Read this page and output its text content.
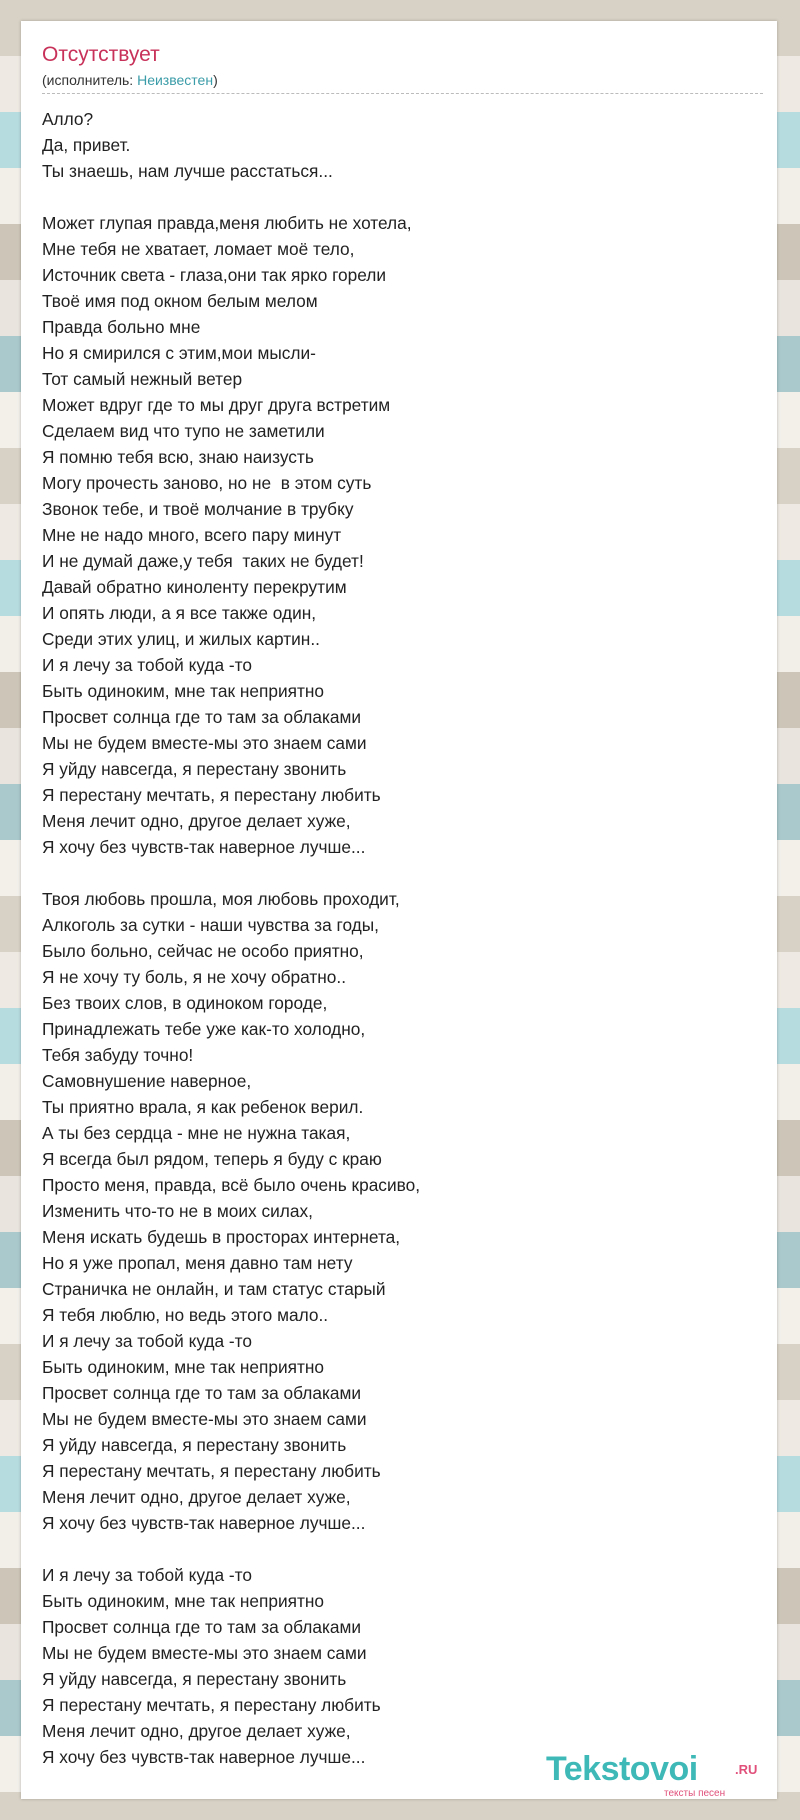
Отсутствует
(исполнитель: Неизвестен)
Алло?
Да, привет.
Ты знаешь, нам лучше расстаться...
Может глупая правда,меня любить не хотела,
Мне тебя не хватает, ломает моё тело,
Источник света - глаза,они так ярко горели
Твоё имя под окном белым мелом
Правда больно мне
Но я смирился с этим,мои мысли-
Тот самый нежный ветер
Может вдруг где то мы друг друга встретим
Сделаем вид что тупо не заметили
Я помню тебя всю, знаю наизусть
Могу прочесть заново, но не  в этом суть
Звонок тебе, и твоё молчание в трубку
Мне не надо много, всего пару минут
И не думай даже,у тебя  таких не будет!
Давай обратно киноленту перекрутим
И опять люди, а я все также один,
Среди этих улиц, и жилых картин..
И я лечу за тобой куда -то
Быть одиноким, мне так неприятно
Просвет солнца где то там за облаками
Мы не будем вместе-мы это знаем сами
Я уйду навсегда, я перестану звонить
Я перестану мечтать, я перестану любить
Меня лечит одно, другое делает хуже,
Я хочу без чувств-так наверное лучше...
Твоя любовь прошла, моя любовь проходит,
Алкоголь за сутки - наши чувства за годы,
Было больно, сейчас не особо приятно,
Я не хочу ту боль, я не хочу обратно..
Без твоих слов, в одиноком городе,
Принадлежать тебе уже как-то холодно,
Тебя забуду точно!
Самовнушение наверное,
Ты приятно врала, я как ребенок верил.
А ты без сердца - мне не нужна такая,
Я всегда был рядом, теперь я буду с краю
Просто меня, правда, всё было очень красиво,
Изменить что-то не в моих силах,
Меня искать будешь в просторах интернета,
Но я уже пропал, меня давно там нету
Страничка не онлайн, и там статус старый
Я тебя люблю, но ведь этого мало..
И я лечу за тобой куда -то
Быть одиноким, мне так неприятно
Просвет солнца где то там за облаками
Мы не будем вместе-мы это знаем сами
Я уйду навсегда, я перестану звонить
Я перестану мечтать, я перестану любить
Меня лечит одно, другое делает хуже,
Я хочу без чувств-так наверное лучше...
И я лечу за тобой куда -то
Быть одиноким, мне так неприятно
Просвет солнца где то там за облаками
Мы не будем вместе-мы это знаем сами
Я уйду навсегда, я перестану звонить
Я перестану мечтать, я перестану любить
Меня лечит одно, другое делает хуже,
Я хочу без чувств-так наверное лучше...	Tekstovoi	.RU
тексты песен
